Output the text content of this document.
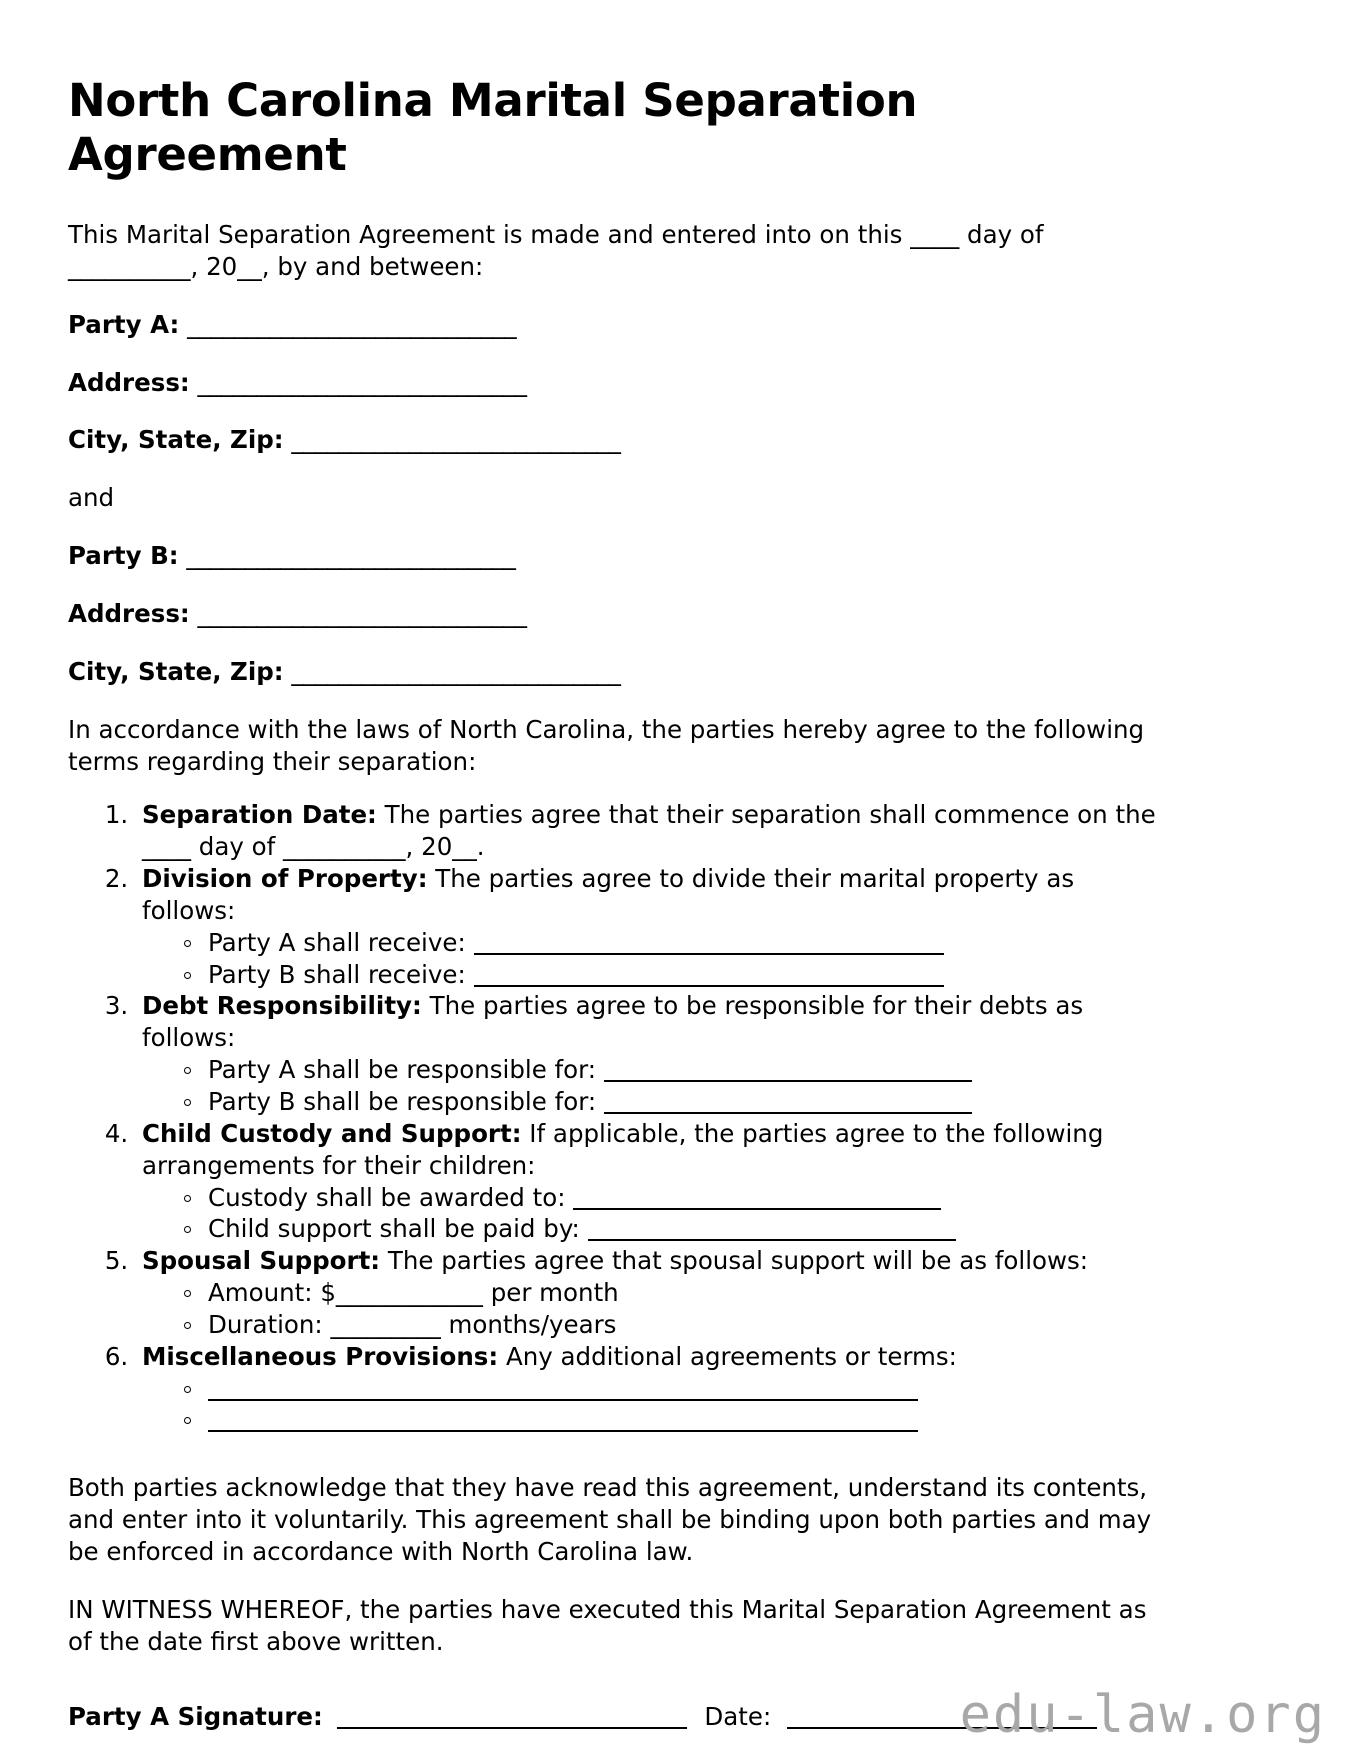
North Carolina Marital Separation Agreement

This Marital Separation Agreement is made and entered into on this ____ day of __________, 20__, by and between:

Party A: ____________________________

Address: ____________________________

City, State, Zip: ____________________________

and

Party B: ____________________________

Address: ____________________________

City, State, Zip: ____________________________

In accordance with the laws of North Carolina, the parties hereby agree to the following terms regarding their separation:

1. Separation Date: The parties agree that their separation shall commence on the ____ day of __________, 20__.
2. Division of Property: The parties agree to divide their marital property as follows:
Party A shall receive:
Party B shall receive:
3. Debt Responsibility: The parties agree to be responsible for their debts as follows:
Party A shall be responsible for:
Party B shall be responsible for:
4. Child Custody and Support: If applicable, the parties agree to the following arrangements for their children:
Custody shall be awarded to:
Child support shall be paid by:
5. Spousal Support: The parties agree that spousal support will be as follows:
Amount: $____________ per month
Duration: _________ months/years
6. Miscellaneous Provisions: Any additional agreements or terms:

Both parties acknowledge that they have read this agreement, understand its contents, and enter into it voluntarily. This agreement shall be binding upon both parties and may be enforced in accordance with North Carolina law.

IN WITNESS WHEREOF, the parties have executed this Marital Separation Agreement as of the date first above written.

Party A Signature:	Date:	edu-law.org
